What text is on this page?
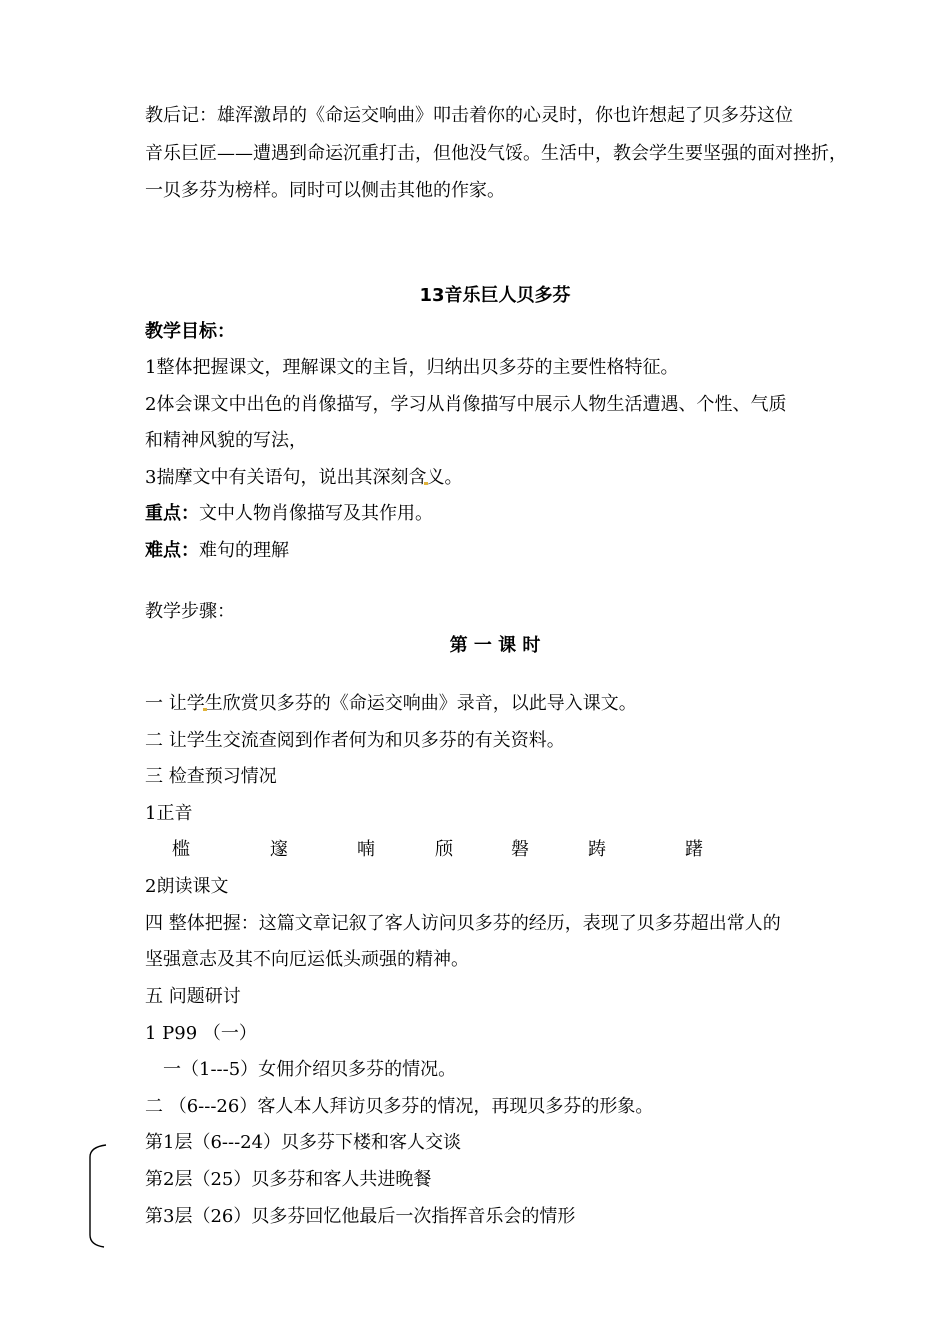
教后记：雄浑激昂的《命运交响曲》叩击着你的心灵时，你也许想起了贝多芬这位
音乐巨匠——遭遇到命运沉重打击，但他没气馁。生活中，教会学生要坚强的面对挫折，
一贝多芬为榜样。同时可以侧击其他的作家。
13音乐巨人贝多芬
教学目标：
1整体把握课文，理解课文的主旨，归纳出贝多芬的主要性格特征。
2体会课文中出色的肖像描写，学习从肖像描写中展示人物生活遭遇、个性、气质
和精神风貌的写法，
3揣摩文中有关语句，说出其深刻含义。
重点：文中人物肖像描写及其作用。
难点：难句的理解
教学步骤：
第 一 课 时
一 让学生欣赏贝多芬的《命运交响曲》录音，以此导入课文。
二 让学生交流查阅到作者何为和贝多芬的有关资料。
三 检查预习情况
1正音
槛	邃	喃	颀	磐	踌	躇
2朗读课文
四 整体把握：这篇文章记叙了客人访问贝多芬的经历，表现了贝多芬超出常人的
坚强意志及其不向厄运低头顽强的精神。
五 问题研讨
1 P99 （一）
一（1---5）女佣介绍贝多芬的情况。
二 （6---26）客人本人拜访贝多芬的情况，再现贝多芬的形象。
第1层（6---24）贝多芬下楼和客人交谈
第2层（25）贝多芬和客人共进晚餐
第3层（26）贝多芬回忆他最后一次指挥音乐会的情形
